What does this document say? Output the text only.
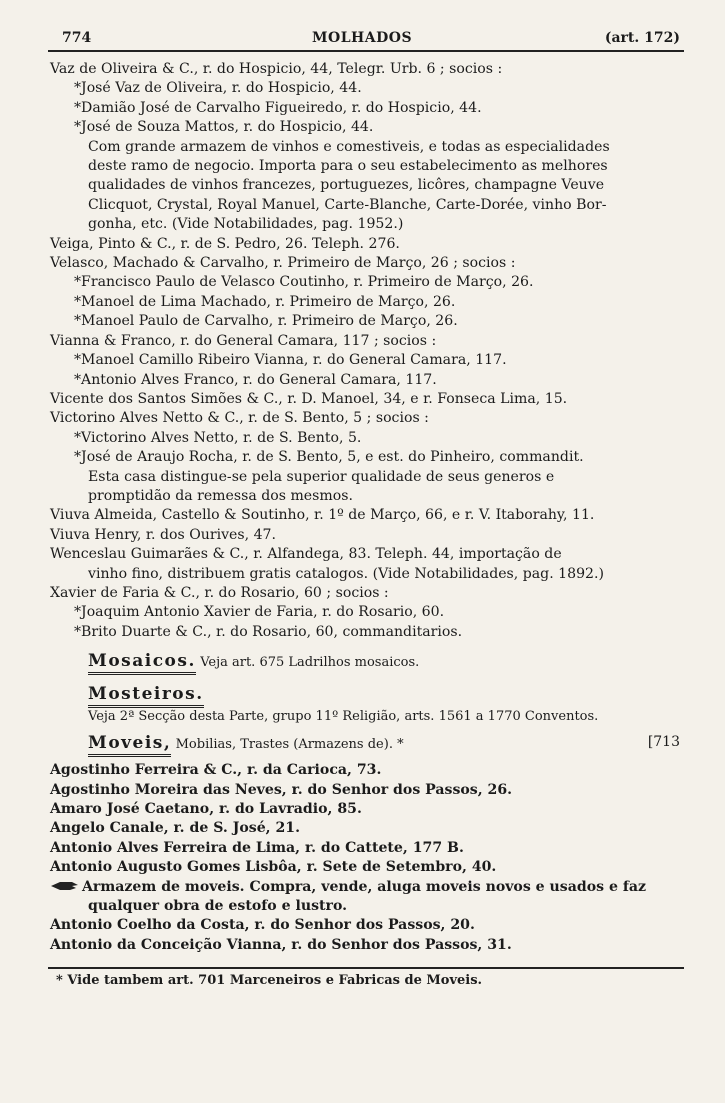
774	MOLHADOS	(art. 172)
Vaz de Oliveira & C., r. do Hospicio, 44, Telegr. Urb. 6 ; socios :
*José Vaz de Oliveira, r. do Hospicio, 44.
*Damião José de Carvalho Figueiredo, r. do Hospicio, 44.
*José de Souza Mattos, r. do Hospicio, 44.
Com grande armazem de vinhos e comestiveis, e todas as especialidades
deste ramo de negocio. Importa para o seu estabelecimento as melhores
qualidades de vinhos francezes, portuguezes, licôres, champagne Veuve
Clicquot, Crystal, Royal Manuel, Carte-Blanche, Carte-Dorée, vinho Bor-
gonha, etc. (Vide Notabilidades, pag. 1952.)
Veiga, Pinto & C., r. de S. Pedro, 26. Teleph. 276.
Velasco, Machado & Carvalho, r. Primeiro de Março, 26 ; socios :
*Francisco Paulo de Velasco Coutinho, r. Primeiro de Março, 26.
*Manoel de Lima Machado, r. Primeiro de Março, 26.
*Manoel Paulo de Carvalho, r. Primeiro de Março, 26.
Vianna & Franco, r. do General Camara, 117 ; socios :
*Manoel Camillo Ribeiro Vianna, r. do General Camara, 117.
*Antonio Alves Franco, r. do General Camara, 117.
Vicente dos Santos Simões & C., r. D. Manoel, 34, e r. Fonseca Lima, 15.
Victorino Alves Netto & C., r. de S. Bento, 5 ; socios :
*Victorino Alves Netto, r. de S. Bento, 5.
*José de Araujo Rocha, r. de S. Bento, 5, e est. do Pinheiro, commandit.
Esta casa distingue-se pela superior qualidade de seus generos e
promptidão da remessa dos mesmos.
Viuva Almeida, Castello & Soutinho, r. 1º de Março, 66, e r. V. Itaborahy, 11.
Viuva Henry, r. dos Ourives, 47.
Wenceslau Guimarães & C., r. Alfandega, 83. Teleph. 44, importação de
vinho fino, distribuem gratis catalogos. (Vide Notabilidades, pag. 1892.)
Xavier de Faria & C., r. do Rosario, 60 ; socios :
*Joaquim Antonio Xavier de Faria, r. do Rosario, 60.
*Brito Duarte & C., r. do Rosario, 60, commanditarios.
Mosaicos. Veja art. 675 Ladrilhos mosaicos.
Mosteiros.
Veja 2ª Secção desta Parte, grupo 11º Religião, arts. 1561 a 1770 Conventos.
Moveis, Mobilias, Trastes (Armazens de). *	[713
Agostinho Ferreira & C., r. da Carioca, 73.
Agostinho Moreira das Neves, r. do Senhor dos Passos, 26.
Amaro José Caetano, r. do Lavradio, 85.
Angelo Canale, r. de S. José, 21.
Antonio Alves Ferreira de Lima, r. do Cattete, 177 B.
Antonio Augusto Gomes Lisbôa, r. Sete de Setembro, 40.
Armazem de moveis. Compra, vende, aluga moveis novos e usados e faz
qualquer obra de estofo e lustro.
Antonio Coelho da Costa, r. do Senhor dos Passos, 20.
Antonio da Conceição Vianna, r. do Senhor dos Passos, 31.
* Vide tambem art. 701 Marceneiros e Fabricas de Moveis.
